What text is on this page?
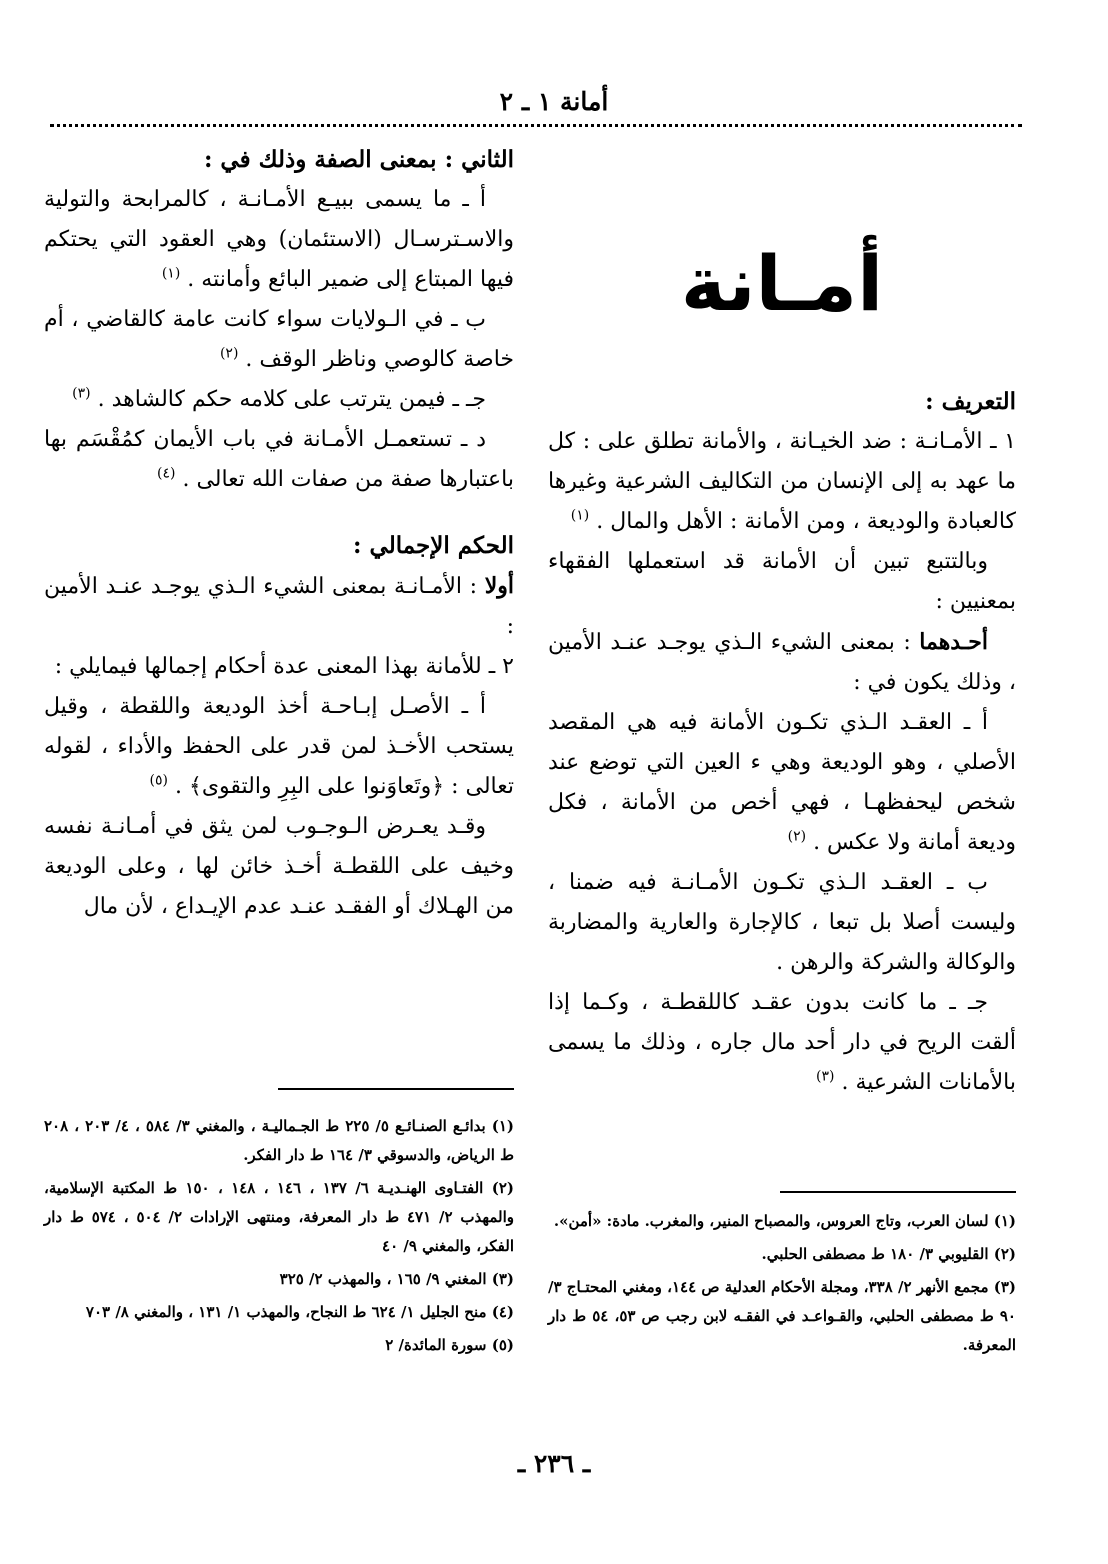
أمانة ١ ـ ٢
أمـانة
التعريف :

١ ـ الأمـانـة : ضد الخيـانة ، والأمانة تطلق على : كل ما عهد به إلى الإنسان من التكاليف الشرعية وغيرها كالعبادة والوديعة ، ومن الأمانة : الأهل والمال . $^{(١)}$

وبالتتبع تبين أن الأمانة قد استعملها الفقهاء بمعنيين :

أحـدهما : بمعنى الشيء الـذي يوجـد عنـد الأمين ، وذلك يكون في :

أ ـ العقـد الـذي تكـون الأمانة فيه هي المقصد الأصلي ، وهو الوديعة وهي ء العين التي توضع عند شخص ليحفظهـا ، فهي أخص من الأمانة ، فكل وديعة أمانة ولا عكس . $^{(٢)}$

ب ـ العقـد الـذي تكـون الأمـانـة فيه ضمنا ، وليست أصلا بل تبعا ، كالإجارة والعارية والمضاربة والوكالة والشركة والرهن .

جـ ـ ما كانت بدون عقـد كاللقطـة ، وكـما إذا ألقت الريح في دار أحد مال جاره ، وذلك ما يسمى بالأمانات الشرعية . $^{(٣)}$

الثاني : بمعنى الصفة وذلك في :

أ ـ ما يسمى ببيـع الأمـانـة ، كالمرابحة والتولية والاسـترسـال (الاستئمان) وهي العقود التي يحتكم فيها المبتاع إلى ضمير البائع وأمانته . $^{(١)}$

ب ـ في الـولايات سواء كانت عامة كالقاضي ، أم خاصة كالوصي وناظر الوقف . $^{(٢)}$

جـ ـ فيمن يترتب على كلامه حكم كالشاهد . $^{(٣)}$

د ـ تستعمـل الأمـانة في باب الأيمان كمُقْسَم بها باعتبارها صفة من صفات الله تعالى . $^{(٤)}$

الحكم الإجمالي :

أولا : الأمـانـة بمعنى الشيء الـذي يوجـد عنـد الأمين :

٢ ـ للأمانة بهذا المعنى عدة أحكام إجمالها فيمايلي :

أ ـ الأصـل إبـاحـة أخذ الوديعة واللقطة ، وقيل يستحب الأخـذ لمن قدر على الحفظ والأداء ، لقوله تعالى : ﴿وتَعاوَنوا على البِرِ والتقوى﴾ . $^{(٥)}$

وقـد يعـرض الـوجـوب لمن يثق في أمـانـة نفسه وخيف على اللقطـة أخـذ خائن لها ، وعلى الوديعة من الهـلاك أو الفقـد عنـد عدم الإيـداع ، لأن مال

(١) بدائـع الصنـائـع ٥/ ٢٢٥ ط الجـماليـة ، والمغني ٣/ ٥٨٤ ، ٤/ ٢٠٣ ، ٢٠٨ ط الرياض، والدسوقي ٣/ ١٦٤ ط دار الفكر.

(٢) الفتـاوى الهنـديـة ٦/ ١٣٧ ، ١٤٦ ، ١٤٨ ، ١٥٠ ط المكتبة الإسلامية، والمهذب ٢/ ٤٧١ ط دار المعرفة، ومنتهى الإرادات ٢/ ٥٠٤ ، ٥٧٤ ط دار الفكر، والمغني ٩/ ٤٠

(٣) المغني ٩/ ١٦٥ ، والمهذب ٢/ ٣٢٥

(٤) منح الجليل ١/ ٦٢٤ ط النجاح، والمهذب ١/ ١٣١ ، والمغني ٨/ ٧٠٣

(٥) سورة المائدة/ ٢

(١) لسان العرب، وتاج العروس، والمصباح المنير، والمغرب. مادة: «أمن».

(٢) القليوبي ٣/ ١٨٠ ط مصطفى الحلبي.

(٣) مجمع الأنهر ٢/ ٣٣٨، ومجلة الأحكام العدلية ص ١٤٤، ومغني المحتـاج ٣/ ٩٠ ط مصطفى الحلبي، والقـواعـد في الفقـه لابن رجب ص ٥٣، ٥٤ ط دار المعرفة.

ـ ٢٣٦ ـ
